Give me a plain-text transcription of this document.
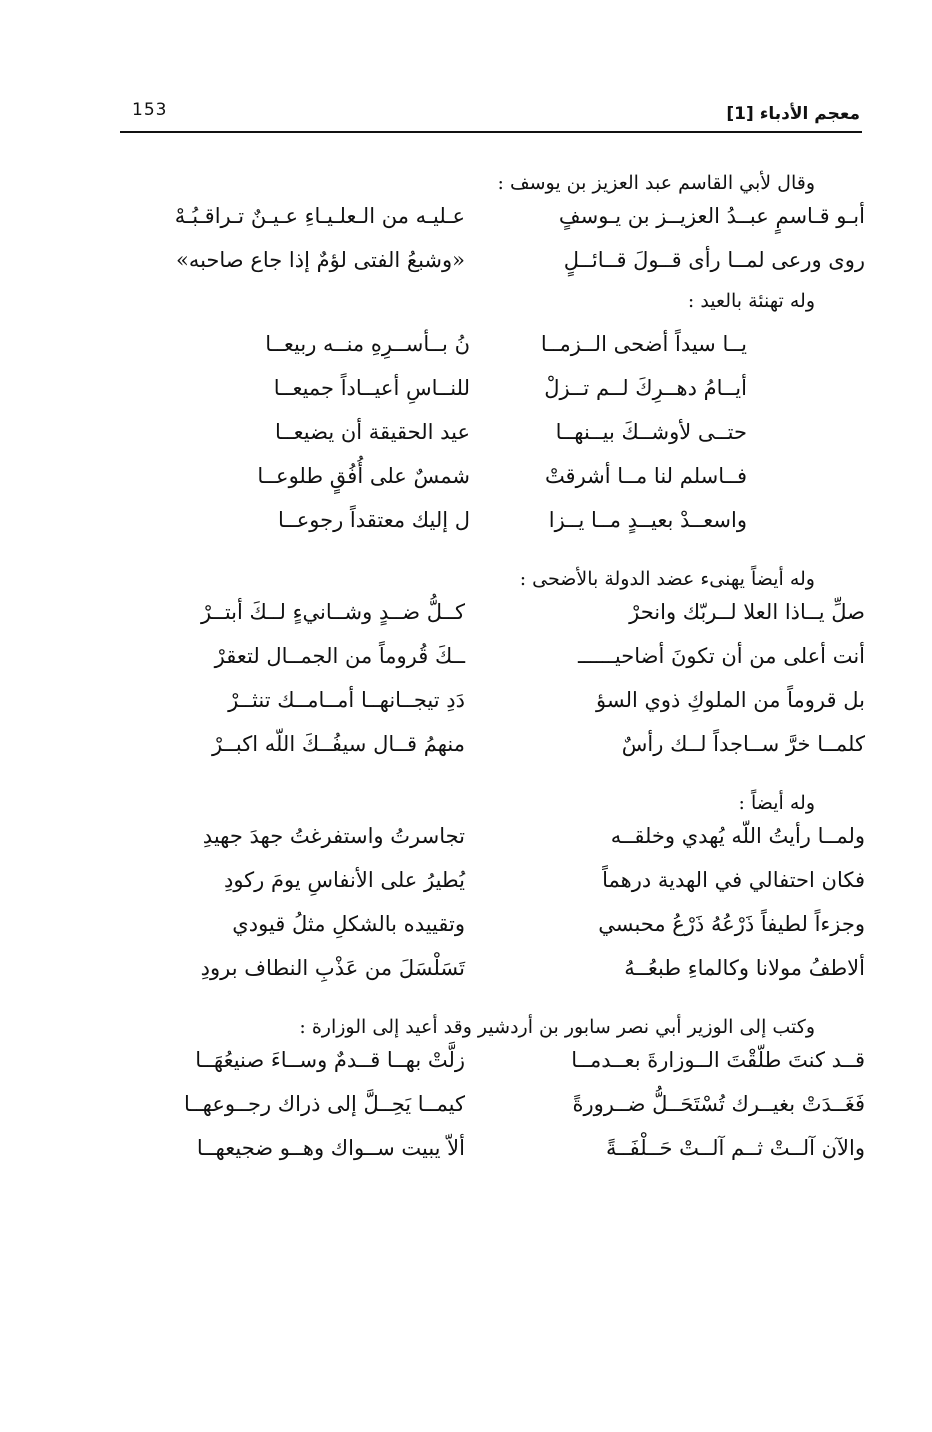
معجم الأدباء [1]
153

وقال لأبي القاسم عبد العزيز بن يوسف :

أبـو قـاسمٍ عبــدُ العزيــز بن يـوسفٍ
عـليـه من الـعلـيـاءِ عـيـنٌ تـراقـبُـهْ
روى ورعى لمــا رأى قــولَ قــائــلٍ
«وشبعُ الفتى لؤمٌ إذا جاع صاحبه»

وله تهنئة بالعيد :

يــا سيداً أضحى الــزمــا
نُ بــأســرِهِ منــه ربيعــا
أيــامُ دهــرِكَ لــم تــزلْ
للنــاسِ أعيــاداً جميعــا
حتــى لأوشــكَ بيــنهــا
عيد الحقيقة أن يضيعــا
فــاسلم لنا مــا أشرقتْ
شمسٌ على أُفُقٍ طلوعــا
واسعــدْ بعيــدٍ مــا يــزا
ل إليك معتقداً رجوعــا

وله أيضاً يهنىء عضد الدولة بالأضحى :

صلِّ يــاذا العلا لــربّك وانحرْ
كــلُّ ضــدٍ وشــانيءٍ لــكَ أبتــرْ
أنت أعلى من أن تكونَ أضاحيــــــ
ــكَ قُروماً من الجمــال لتعقرْ
بل قروماً من الملوكِ ذوي السؤ
دَدِ تيجــانهــا أمــامــك تنثــرْ
كلمــا خرَّ ســاجداً لــك رأسٌ
منهمُ قــال سيفُــكَ اللّه اكبــرْ

وله أيضاً :

ولمــا رأيتُ اللّه يُهدي وخلقــه
تجاسرتُ واستفرغتُ جهدَ جهيدِ
فكان احتفالي في الهدية درهماً
يُطيرُ على الأنفاسِ يومَ ركودِ
وجزءاً لطيفاً ذَرْعُهُ ذَرْعُ محبسي
وتقييده بالشكلِ مثلُ قيودي
ألاطفُ مولانا وكالماءِ طبعُــهُ
تَسَلْسَلَ من عَذْبِ النطاف برودِ

وكتب إلى الوزير أبي نصر سابور بن أردشير وقد أعيد إلى الوزارة :

قــد كنتَ طلّقْتَ الــوزارةَ بعــدمــا
زلَّتْ بهــا قــدمٌ وســاءَ صنيعُهَــا
فَغَــدَتْ بغيــرك تُسْتَحَــلُّ ضــرورةً
كيمــا يَحِــلَّ إلى ذراك رجــوعهــا
والآن آلــتْ ثــم آلــتْ حَــلْفَــةً
ألاّ يبيت ســواك وهــو ضجيعهــا
